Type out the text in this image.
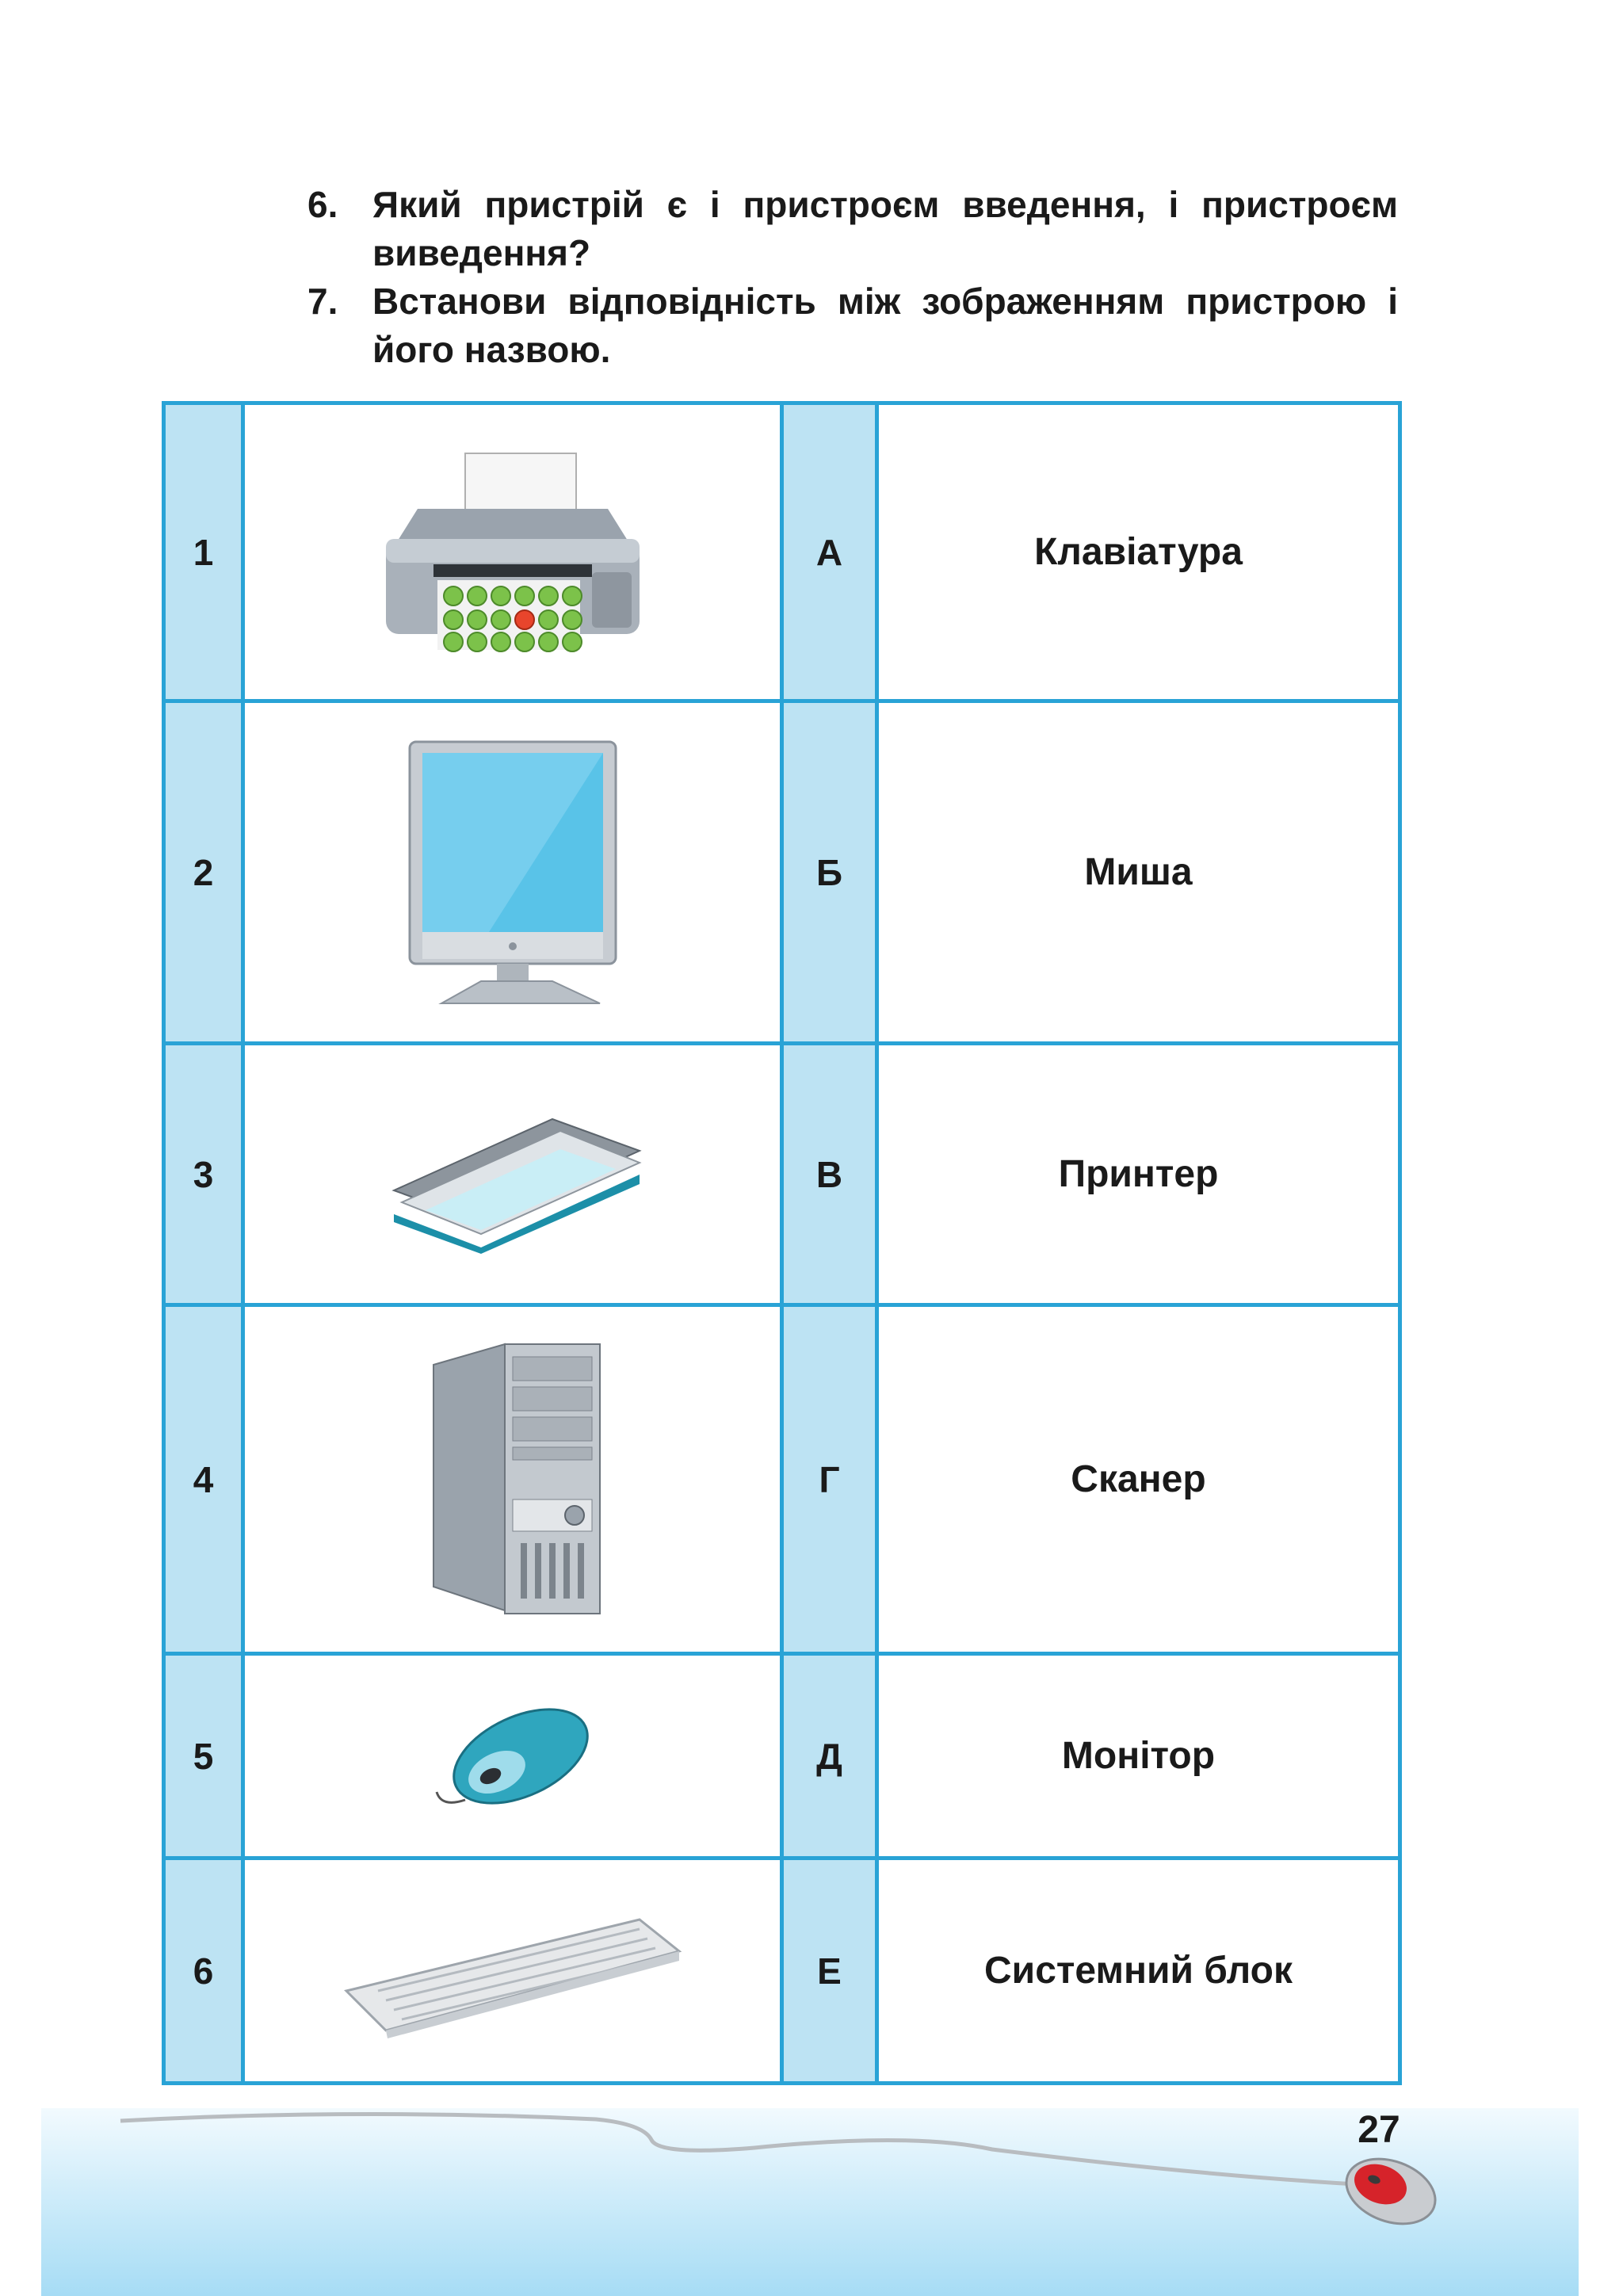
6. Який пристрій є і пристроєм введення, і пристроєм виведення?
7. Встанови відповідність між зображенням пристрою і його назвою.
1		А	Клавіатура
2		Б	Миша
3		В	Принтер
4		Г	Сканер
5		Д	Монітор
6		Е	Системний блок
27
